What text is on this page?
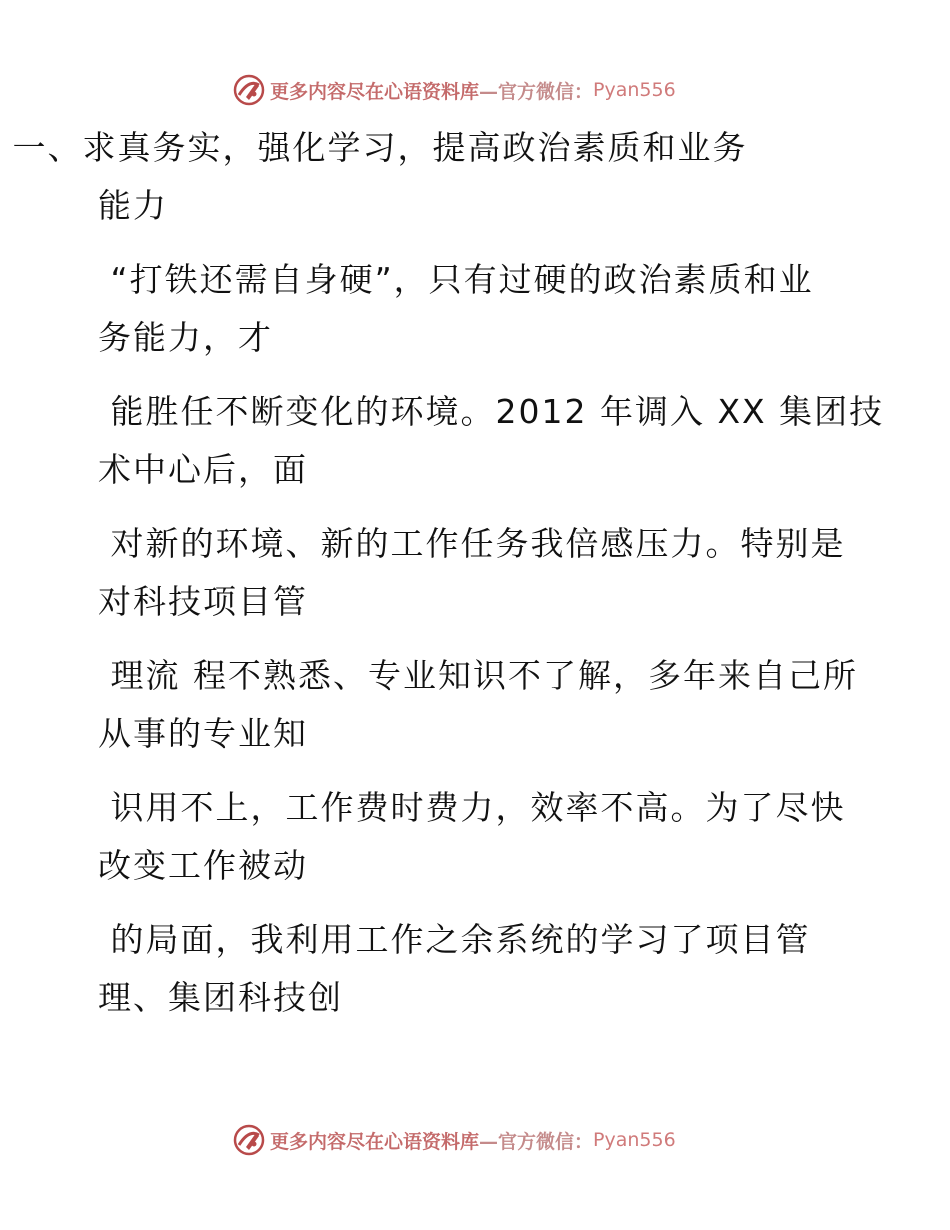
更多内容尽在心语资料库 —官方微信： Pyan556
一、求真务实，强化学习，提高政治素质和业务
能力
“打铁还需自身硬”，只有过硬的政治素质和业
务能力，才
能胜任不断变化的环境。2012 年调入 XX 集团技
术中心后，面
对新的环境、新的工作任务我倍感压力。特别是
对科技项目管
理流 程不熟悉、专业知识不了解，多年来自己所
从事的专业知
识用不上，工作费时费力，效率不高。为了尽快
改变工作被动
的局面，我利用工作之余系统的学习了项目管
理、集团科技创
更多内容尽在心语资料库 —官方微信： Pyan556
